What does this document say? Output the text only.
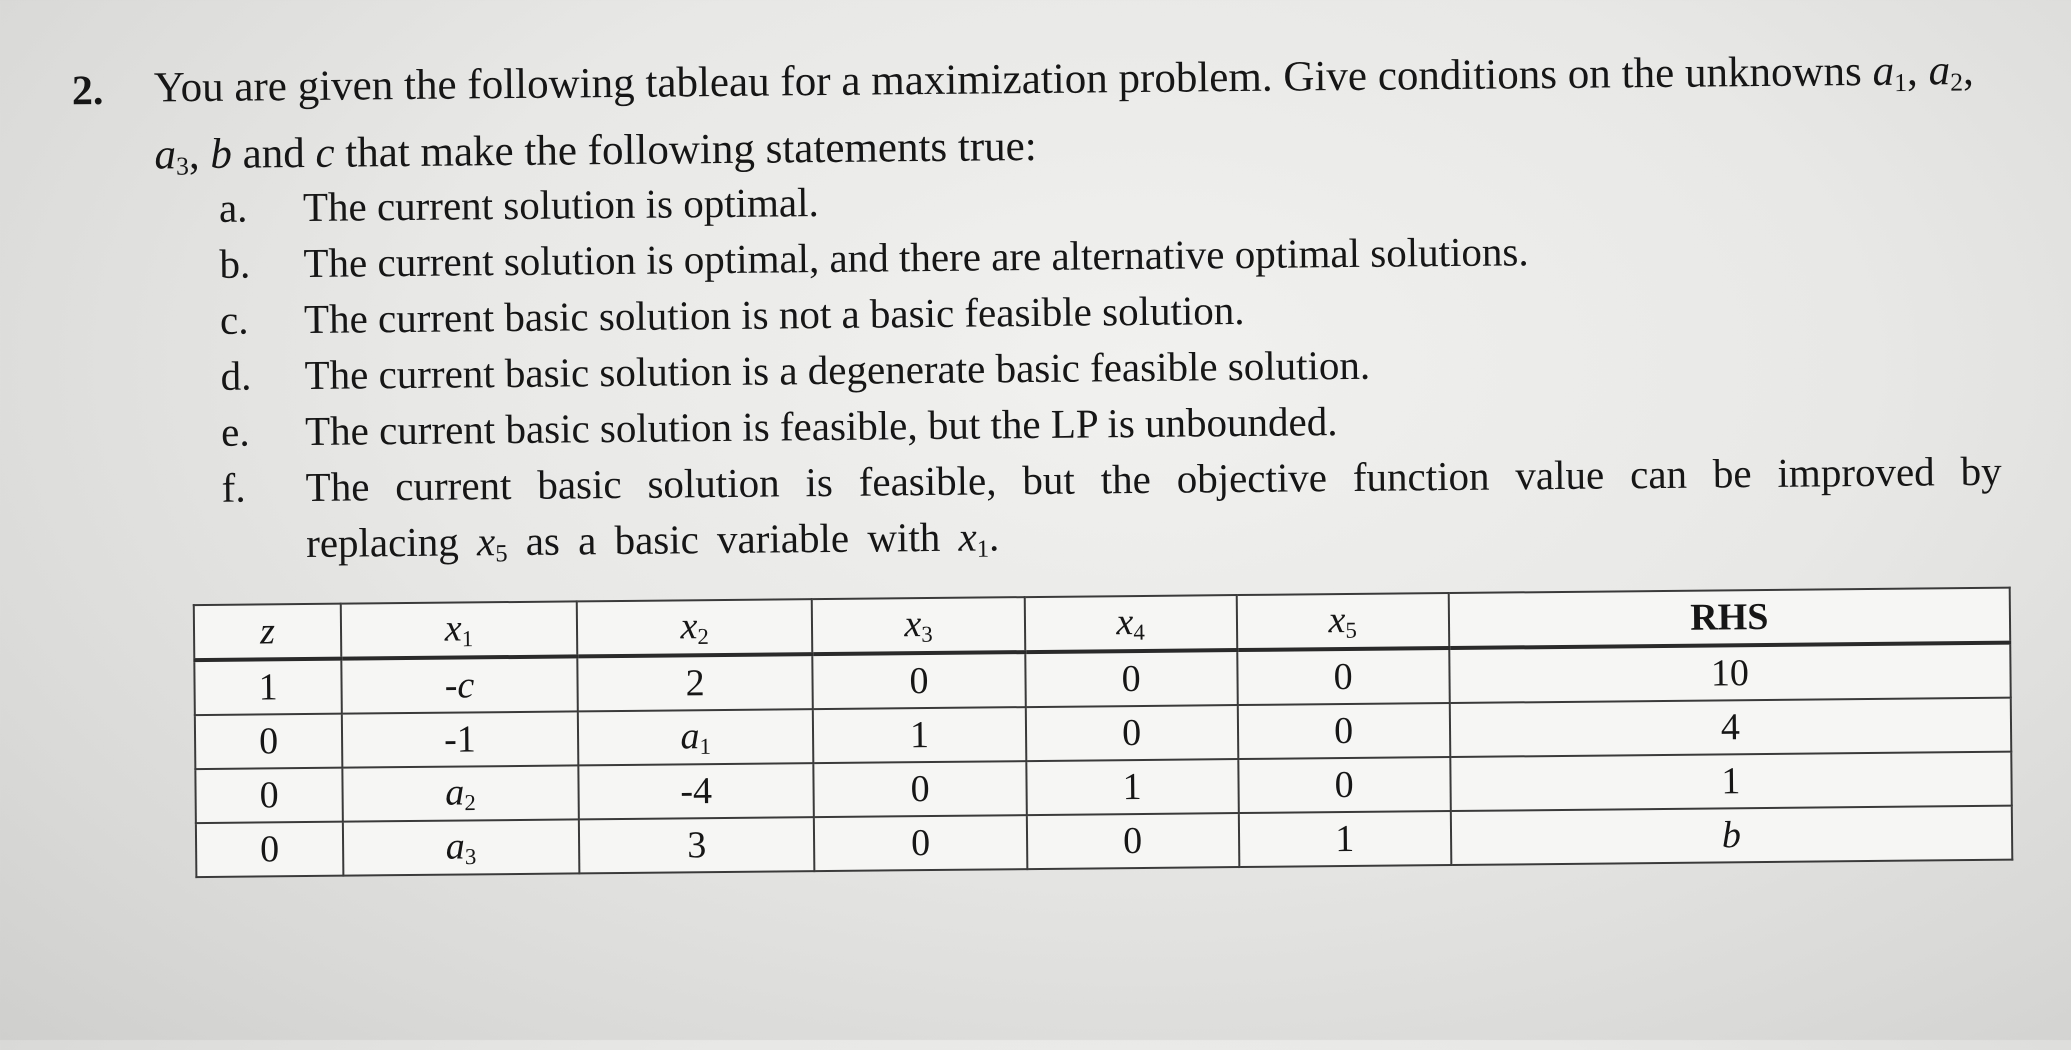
2. You are given the following tableau for a maximization problem. Give conditions on the unknowns $a_1$, $a_2$, $a_3$, b and c that make the following statements true:
a.	The current solution is optimal.
b.	The current solution is optimal, and there are alternative optimal solutions.
c.	The current basic solution is not a basic feasible solution.
d.	The current basic solution is a degenerate basic feasible solution.
e.	The current basic solution is feasible, but the LP is unbounded.
f.	The current basic solution is feasible, but the objective function value can be improved by replacing $x_5$ as a basic variable with $x_1$.
z	$x_1$	$x_2$	$x_3$	$x_4$	$x_5$	RHS
1	-c	2	0	0	0	10
0	-1	$a_1$	1	0	0	4
0	$a_2$	-4	0	1	0	1
0	$a_3$	3	0	0	1	b
